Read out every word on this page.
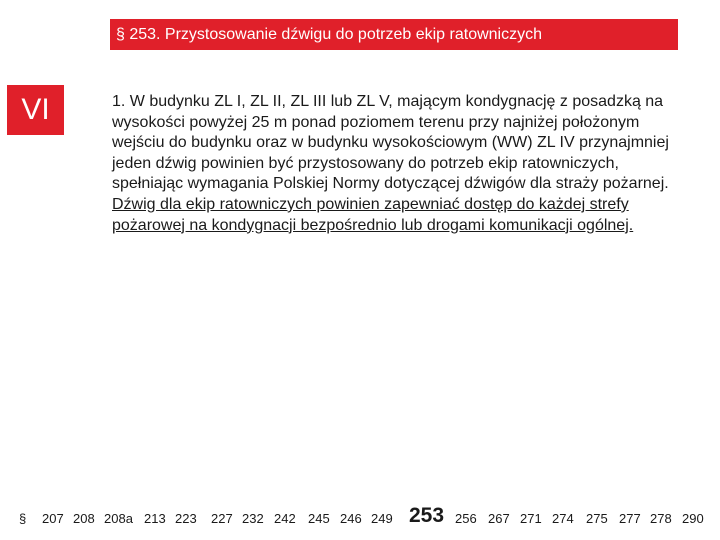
§ 253. Przystosowanie dźwigu do potrzeb ekip ratowniczych
VI	1. W budynku ZL I, ZL II, ZL III lub ZL V, mającym kondygnację z posadzką na wysokości powyżej 25 m ponad poziomem terenu przy najniżej położonym wejściu do budynku oraz w budynku wysokościowym (WW) ZL IV przynajmniej jeden dźwig powinien być przystosowany do potrzeb ekip ratowniczych, spełniając wymagania Polskiej Normy dotyczącej dźwigów dla straży pożarnej. Dźwig dla ekip ratowniczych powinien zapewniać dostęp do każdej strefy pożarowej na kondygnacji bezpośrednio lub drogami komunikacji ogólnej.

§ 207 208 208a 213 223 227 232 242 245 246 249 253 256 267 271 274 275 277 278 290
